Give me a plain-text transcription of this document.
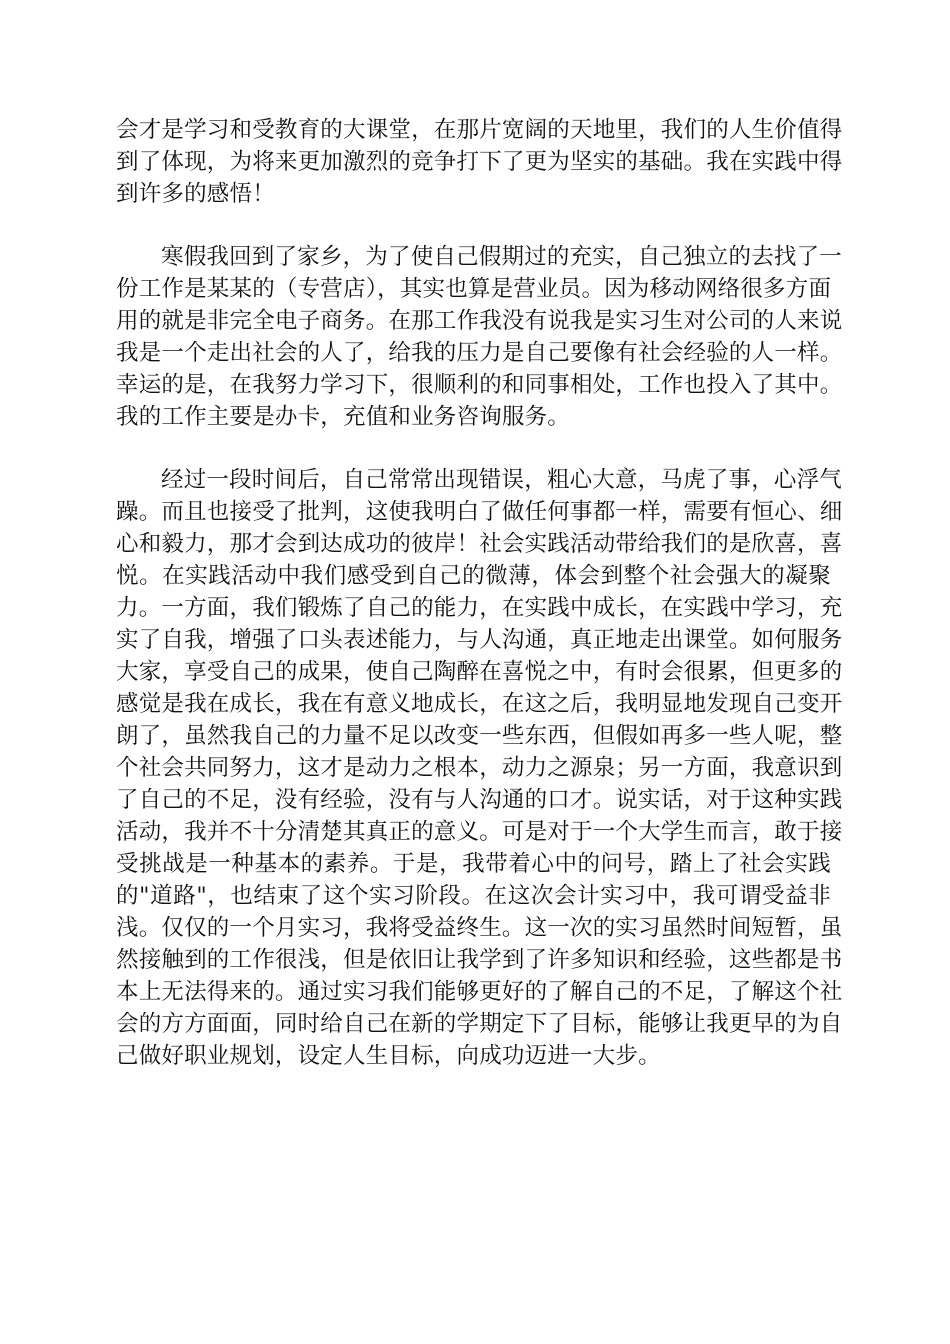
会才是学习和受教育的大课堂，在那片宽阔的天地里，我们的人生价值得
到了体现，为将来更加激烈的竞争打下了更为坚实的基础。我在实践中得
到许多的感悟！
寒假我回到了家乡，为了使自己假期过的充实，自己独立的去找了一
份工作是某某的（专营店），其实也算是营业员。因为移动网络很多方面
用的就是非完全电子商务。在那工作我没有说我是实习生对公司的人来说
我是一个走出社会的人了，给我的压力是自己要像有社会经验的人一样。
幸运的是，在我努力学习下，很顺利的和同事相处，工作也投入了其中。
我的工作主要是办卡，充值和业务咨询服务。
经过一段时间后，自己常常出现错误，粗心大意，马虎了事，心浮气
躁。而且也接受了批判，这使我明白了做任何事都一样，需要有恒心、细
心和毅力，那才会到达成功的彼岸！社会实践活动带给我们的是欣喜，喜
悦。在实践活动中我们感受到自己的微薄，体会到整个社会强大的凝聚
力。一方面，我们锻炼了自己的能力，在实践中成长，在实践中学习，充
实了自我，增强了口头表述能力，与人沟通，真正地走出课堂。如何服务
大家，享受自己的成果，使自己陶醉在喜悦之中，有时会很累，但更多的
感觉是我在成长，我在有意义地成长，在这之后，我明显地发现自己变开
朗了，虽然我自己的力量不足以改变一些东西，但假如再多一些人呢，整
个社会共同努力，这才是动力之根本，动力之源泉；另一方面，我意识到
了自己的不足，没有经验，没有与人沟通的口才。说实话，对于这种实践
活动，我并不十分清楚其真正的意义。可是对于一个大学生而言，敢于接
受挑战是一种基本的素养。于是，我带着心中的问号，踏上了社会实践
的"道路"，也结束了这个实习阶段。在这次会计实习中，我可谓受益非
浅。仅仅的一个月实习，我将受益终生。这一次的实习虽然时间短暂，虽
然接触到的工作很浅，但是依旧让我学到了许多知识和经验，这些都是书
本上无法得来的。通过实习我们能够更好的了解自己的不足，了解这个社
会的方方面面，同时给自己在新的学期定下了目标，能够让我更早的为自
己做好职业规划，设定人生目标，向成功迈进一大步。
